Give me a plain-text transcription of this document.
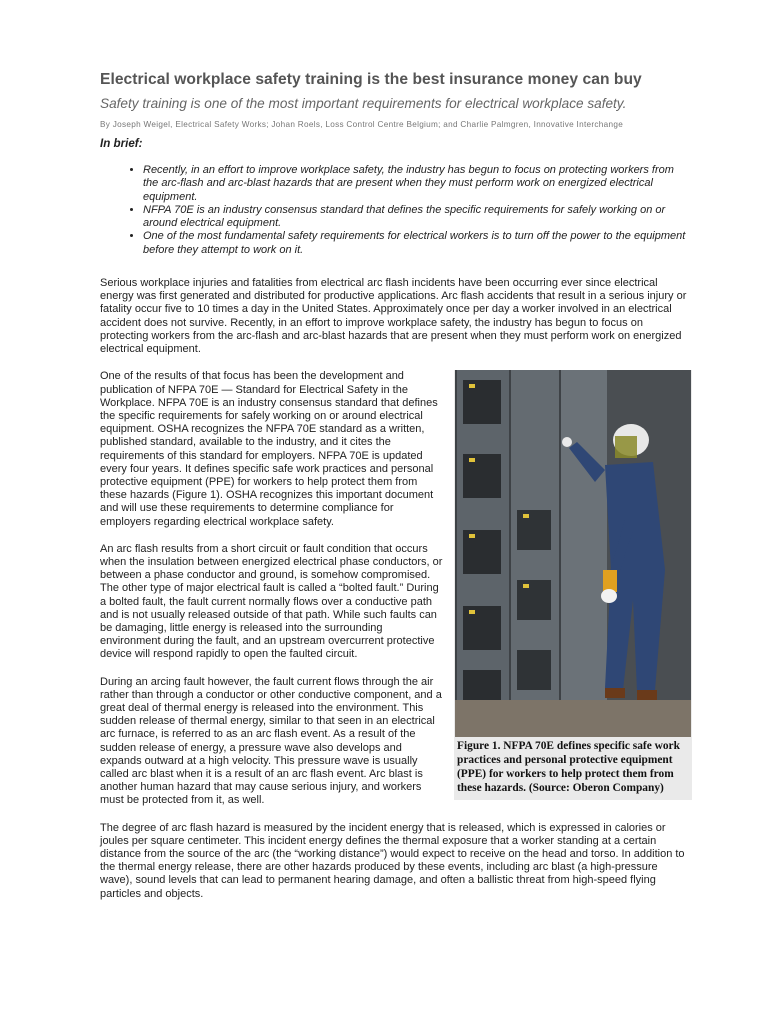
Electrical workplace safety training is the best insurance money can buy
Safety training is one of the most important requirements for electrical workplace safety.
By Joseph Weigel, Electrical Safety Works; Johan Roels, Loss Control Centre Belgium; and Charlie Palmgren, Innovative Interchange
In brief:
• Recently, in an effort to improve workplace safety, the industry has begun to focus on protecting workers from the arc-flash and arc-blast hazards that are present when they must perform work on energized electrical equipment.
• NFPA 70E is an industry consensus standard that defines the specific requirements for safely working on or around electrical equipment.
• One of the most fundamental safety requirements for electrical workers is to turn off the power to the equipment before they attempt to work on it.

Serious workplace injuries and fatalities from electrical arc flash incidents have been occurring ever since electrical energy was first generated and distributed for productive applications. Arc flash accidents that result in a serious injury or fatality occur five to 10 times a day in the United States. Approximately once per day a worker involved in an electrical accident does not survive. Recently, in an effort to improve workplace safety, the industry has begun to focus on protecting workers from the arc-flash and arc-blast hazards that are present when they must perform work on energized electrical equipment.

Figure 1. NFPA 70E defines specific safe work practices and personal protective equipment (PPE) for workers to help protect them from these hazards. (Source: Oberon Company)

One of the results of that focus has been the development and publication of NFPA 70E — Standard for Electrical Safety in the Workplace. NFPA 70E is an industry consensus standard that defines the specific requirements for safely working on or around electrical equipment. OSHA recognizes the NFPA 70E standard as a written, published standard, available to the industry, and it cites the requirements of this standard for employers. NFPA 70E is updated every four years. It defines specific safe work practices and personal protective equipment (PPE) for workers to help protect them from these hazards (Figure 1). OSHA recognizes this important document and will use these requirements to determine compliance for employers regarding electrical workplace safety.

An arc flash results from a short circuit or fault condition that occurs when the insulation between energized electrical phase conductors, or between a phase conductor and ground, is somehow compromised. The other type of major electrical fault is called a “bolted fault.” During a bolted fault, the fault current normally flows over a conductive path and is not usually released outside of that path. While such faults can be damaging, little energy is released into the surrounding environment during the fault, and an upstream overcurrent protective device will respond rapidly to open the faulted circuit.

During an arcing fault however, the fault current flows through the air rather than through a conductor or other conductive component, and a great deal of thermal energy is released into the environment. This sudden release of thermal energy, similar to that seen in an electrical arc furnace, is referred to as an arc flash event. As a result of the sudden release of energy, a pressure wave also develops and expands outward at a high velocity. This pressure wave is usually called arc blast when it is a result of an arc flash event. Arc blast is another human hazard that may cause serious injury, and workers must be protected from it, as well.

The degree of arc flash hazard is measured by the incident energy that is released, which is expressed in calories or joules per square centimeter. This incident energy defines the thermal exposure that a worker standing at a certain distance from the source of the arc (the “working distance”) would expect to receive on the head and torso. In addition to the thermal energy release, there are other hazards produced by these events, including arc blast (a high-pressure wave), sound levels that can lead to permanent hearing damage, and often a ballistic threat from high-speed flying particles and objects.
